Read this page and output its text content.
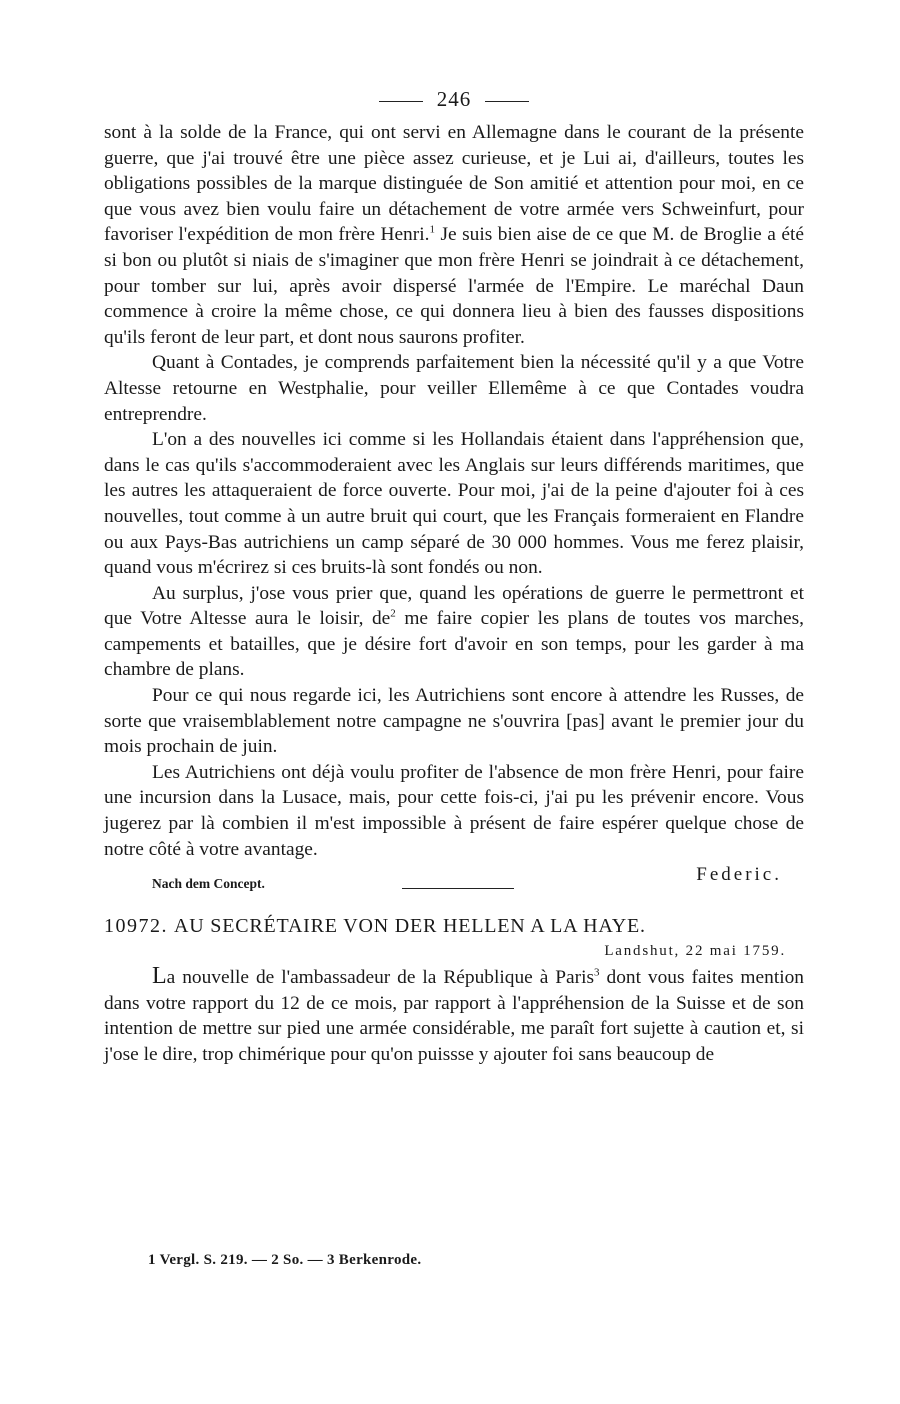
246

sont à la solde de la France, qui ont servi en Allemagne dans le courant de la présente guerre, que j'ai trouvé être une pièce assez curieuse, et je Lui ai, d'ailleurs, toutes les obligations possibles de la marque distinguée de Son amitié et attention pour moi, en ce que vous avez bien voulu faire un détachement de votre armée vers Schweinfurt, pour favoriser l'expédition de mon frère Henri.$^1$ Je suis bien aise de ce que M. de Broglie a été si bon ou plutôt si niais de s'imaginer que mon frère Henri se joindrait à ce détachement, pour tomber sur lui, après avoir dispersé l'armée de l'Empire. Le maréchal Daun commence à croire la même chose, ce qui donnera lieu à bien des fausses dispositions qu'ils feront de leur part, et dont nous saurons profiter.

Quant à Contades, je comprends parfaitement bien la nécessité qu'il y a que Votre Altesse retourne en Westphalie, pour veiller Ellemême à ce que Contades voudra entreprendre.

L'on a des nouvelles ici comme si les Hollandais étaient dans l'appréhension que, dans le cas qu'ils s'accommoderaient avec les Anglais sur leurs différends maritimes, que les autres les attaqueraient de force ouverte. Pour moi, j'ai de la peine d'ajouter foi à ces nouvelles, tout comme à un autre bruit qui court, que les Français formeraient en Flandre ou aux Pays-Bas autrichiens un camp séparé de 30 000 hommes. Vous me ferez plaisir, quand vous m'écrirez si ces bruits-là sont fondés ou non.

Au surplus, j'ose vous prier que, quand les opérations de guerre le permettront et que Votre Altesse aura le loisir, $de^2$ me faire copier les plans de toutes vos marches, campements et batailles, que je désire fort d'avoir en son temps, pour les garder à ma chambre de plans.

Pour ce qui nous regarde ici, les Autrichiens sont encore à attendre les Russes, de sorte que vraisemblablement notre campagne ne s'ouvrira [pas] avant le premier jour du mois prochain de juin.

Les Autrichiens ont déjà voulu profiter de l'absence de mon frère Henri, pour faire une incursion dans la Lusace, mais, pour cette fois-ci, j'ai pu les prévenir encore. Vous jugerez par là combien il m'est impossible à présent de faire espérer quelque chose de notre côté à votre avantage.

Nach dem Concept.	Federic.
10972. AU SECRÉTAIRE VON DER HELLEN A LA HAYE.
Landshut, 22 mai 1759.

La nouvelle de l'ambassadeur de la République à Paris$^3$ dont vous faites mention dans votre rapport du 12 de ce mois, par rapport à l'appréhension de la Suisse et de son intention de mettre sur pied une armée considérable, me paraît fort sujette à caution et, si j'ose le dire, trop chimérique pour qu'on puissse y ajouter foi sans beaucoup de

1 Vergl. S. 219. — 2 So. — 3 Berkenrode.
